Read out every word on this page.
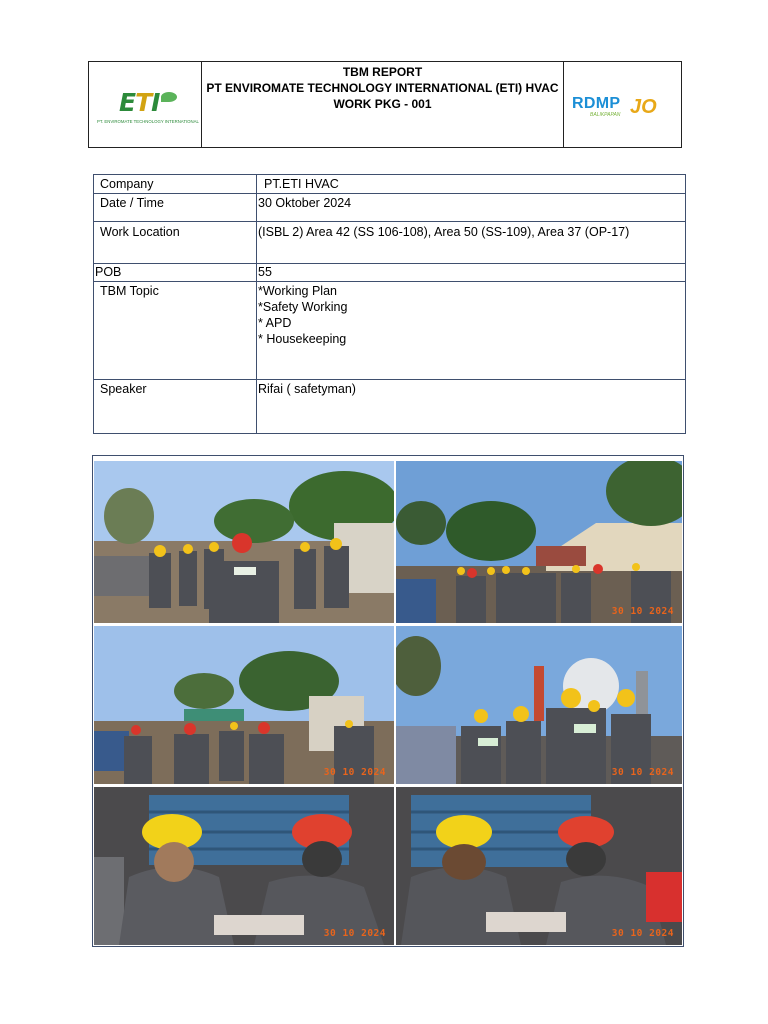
ETI
PT. ENVIROMATE TECHNOLOGY INTERNATIONAL
TBM REPORT
PT ENVIROMATE TECHNOLOGY INTERNATIONAL (ETI) HVAC
WORK PKG - 001	RDMP
BALIKPAPAN JO
Company	PT.ETI HVAC
Date / Time	30 Oktober 2024
Work Location	(ISBL 2) Area 42 (SS 106-108), Area 50 (SS-109), Area 37 (OP-17)
POB	55
TBM Topic	*Working Plan
*Safety Working
* APD
* Housekeeping
Speaker	Rifai ( safetyman)
30 10 2024
30 10 2024	30 10 2024
30 10 2024	30 10 2024
